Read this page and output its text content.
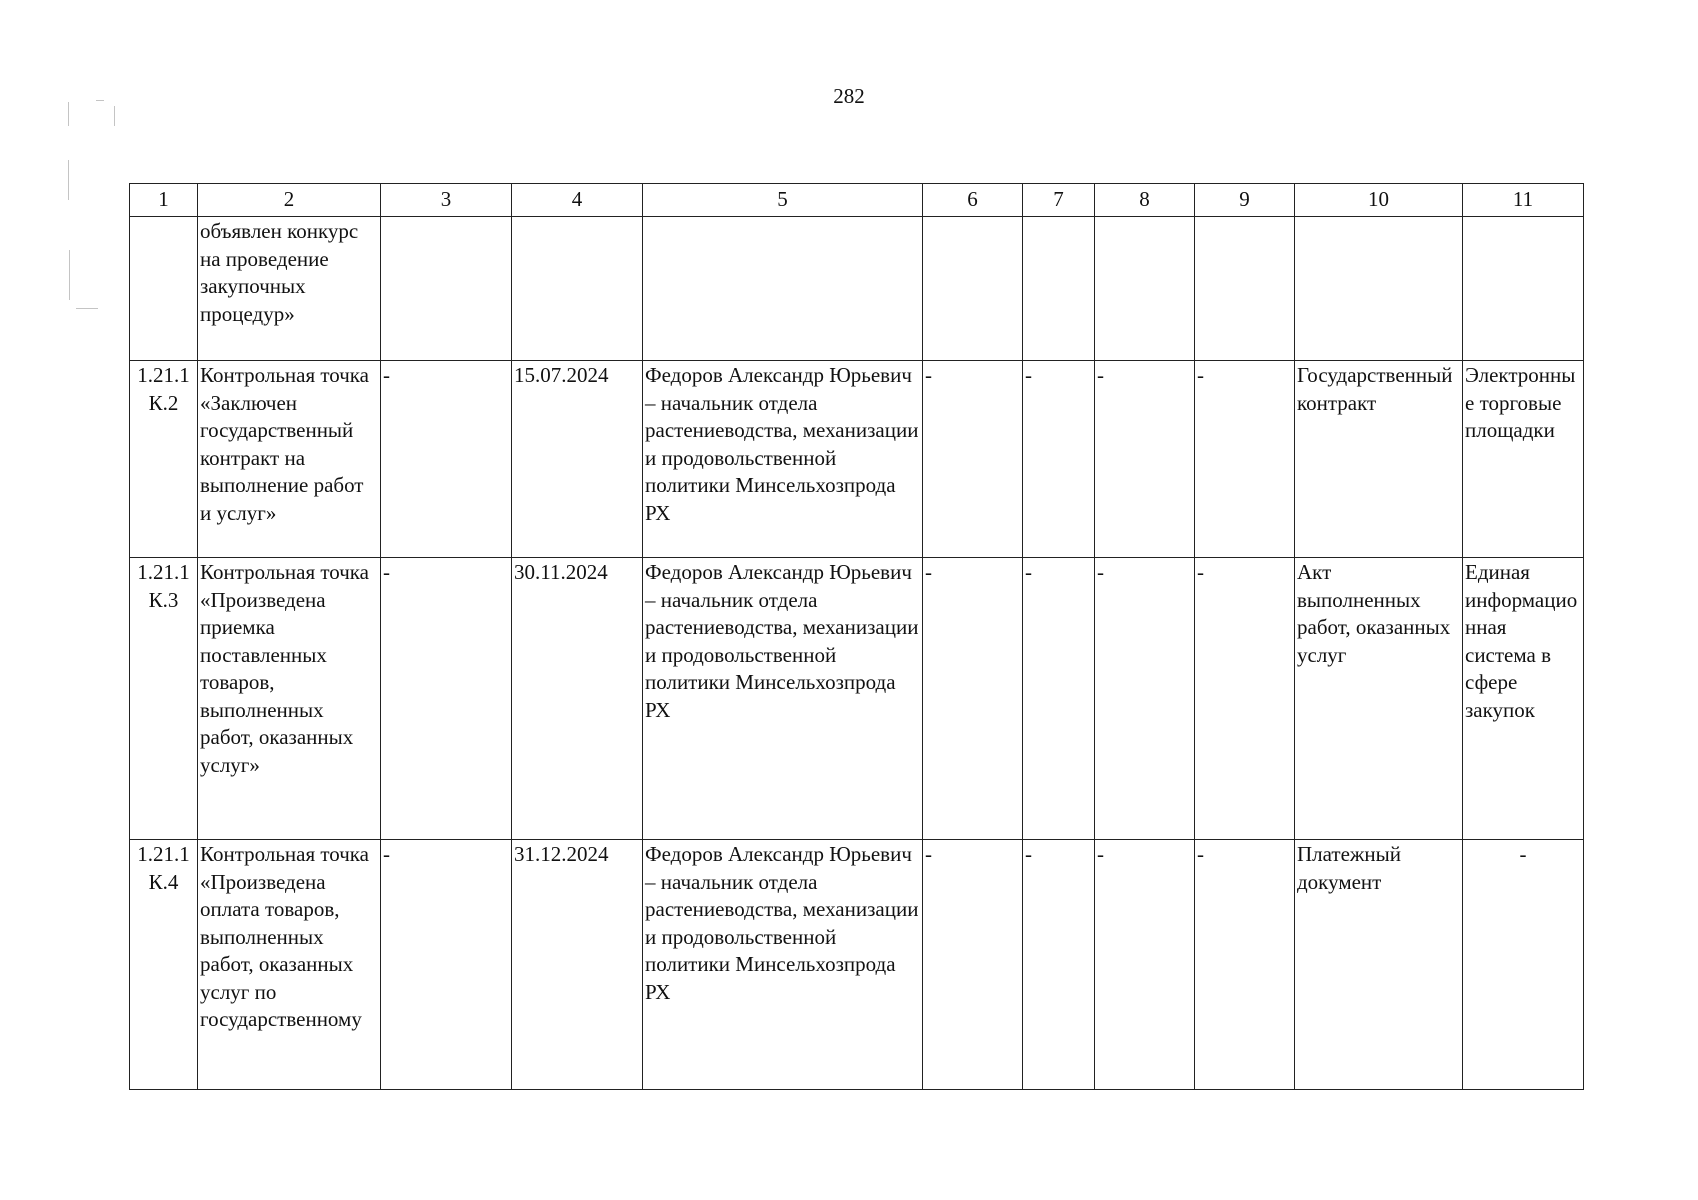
282
1	2	3	4	5	6	7	8	9	10	11
	объявлен конкурс на проведение закупочных процедур»									
1.21.1 К.2	Контрольная точка «Заключен государственный контракт на выполнение работ и услуг»	-	15.07.2024	Федоров Александр Юрьевич – начальник отдела растениеводства, механизации и продовольственной политики Минсельхозпрода РХ	-	-	-	-	Государственный контракт	Электронные торговые площадки
1.21.1 К.3	Контрольная точка «Произведена приемка поставленных товаров, выполненных работ, оказанных услуг»	-	30.11.2024	Федоров Александр Юрьевич – начальник отдела растениеводства, механизации и продовольственной политики Минсельхозпрода РХ	-	-	-	-	Акт выполненных работ, оказанных услуг	Единая информационная система в сфере закупок
1.21.1 К.4	Контрольная точка «Произведена оплата товаров, выполненных работ, оказанных услуг по государственному	-	31.12.2024	Федоров Александр Юрьевич – начальник отдела растениеводства, механизации и продовольственной политики Минсельхозпрода РХ	-	-	-	-	Платежный документ	-
